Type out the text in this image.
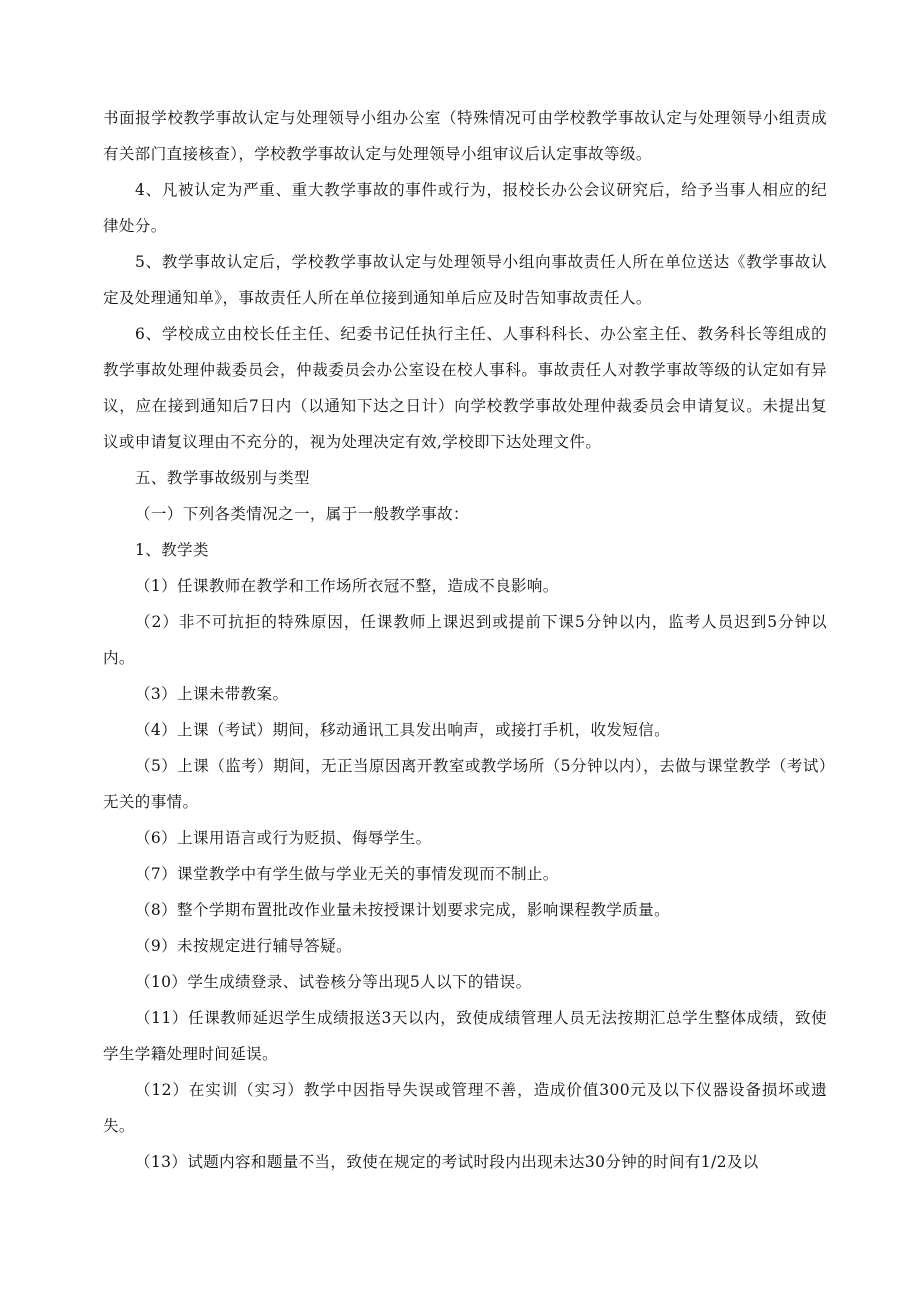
书面报学校教学事故认定与处理领导小组办公室（特殊情况可由学校教学事故认定与处理领导小组责成有关部门直接核查），学校教学事故认定与处理领导小组审议后认定事故等级。

4、凡被认定为严重、重大教学事故的事件或行为，报校长办公会议研究后，给予当事人相应的纪律处分。

5、教学事故认定后，学校教学事故认定与处理领导小组向事故责任人所在单位送达《教学事故认定及处理通知单》，事故责任人所在单位接到通知单后应及时告知事故责任人。

6、学校成立由校长任主任、纪委书记任执行主任、人事科科长、办公室主任、教务科长等组成的教学事故处理仲裁委员会，仲裁委员会办公室设在校人事科。事故责任人对教学事故等级的认定如有异议，应在接到通知后7日内（以通知下达之日计）向学校教学事故处理仲裁委员会申请复议。未提出复议或申请复议理由不充分的，视为处理决定有效,学校即下达处理文件。

五、教学事故级别与类型

（一）下列各类情况之一，属于一般教学事故：

1、教学类

（1）任课教师在教学和工作场所衣冠不整，造成不良影响。

（2）非不可抗拒的特殊原因，任课教师上课迟到或提前下课5分钟以内，监考人员迟到5分钟以内。

（3）上课未带教案。

（4）上课（考试）期间，移动通讯工具发出响声，或接打手机，收发短信。

（5）上课（监考）期间，无正当原因离开教室或教学场所（5分钟以内），去做与课堂教学（考试）无关的事情。

（6）上课用语言或行为贬损、侮辱学生。

（7）课堂教学中有学生做与学业无关的事情发现而不制止。

（8）整个学期布置批改作业量未按授课计划要求完成，影响课程教学质量。

（9）未按规定进行辅导答疑。

（10）学生成绩登录、试卷核分等出现5人以下的错误。

（11）任课教师延迟学生成绩报送3天以内，致使成绩管理人员无法按期汇总学生整体成绩，致使学生学籍处理时间延误。

（12）在实训（实习）教学中因指导失误或管理不善，造成价值300元及以下仪器设备损坏或遗失。

（13）试题内容和题量不当，致使在规定的考试时段内出现未达30分钟的时间有1/2及以
